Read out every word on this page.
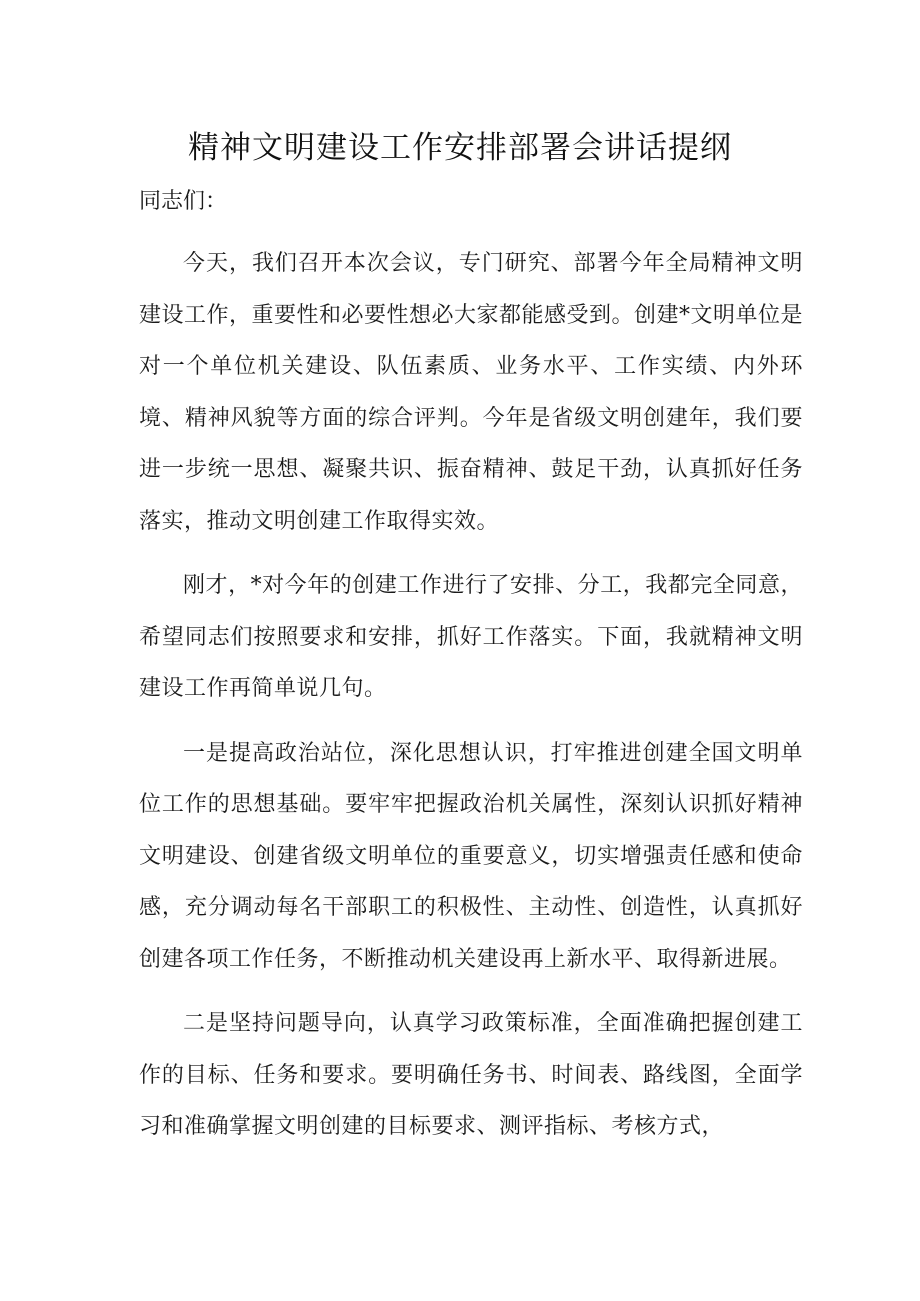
精神文明建设工作安排部署会讲话提纲

同志们：

今天，我们召开本次会议，专门研究、部署今年全局精神文明建设工作，重要性和必要性想必大家都能感受到。创建*文明单位是对一个单位机关建设、队伍素质、业务水平、工作实绩、内外环境、精神风貌等方面的综合评判。今年是省级文明创建年，我们要进一步统一思想、凝聚共识、振奋精神、鼓足干劲，认真抓好任务落实，推动文明创建工作取得实效。

刚才，*对今年的创建工作进行了安排、分工，我都完全同意，希望同志们按照要求和安排，抓好工作落实。下面，我就精神文明建设工作再简单说几句。

一是提高政治站位，深化思想认识，打牢推进创建全国文明单位工作的思想基础。要牢牢把握政治机关属性，深刻认识抓好精神文明建设、创建省级文明单位的重要意义，切实增强责任感和使命感，充分调动每名干部职工的积极性、主动性、创造性，认真抓好创建各项工作任务，不断推动机关建设再上新水平、取得新进展。

二是坚持问题导向，认真学习政策标准，全面准确把握创建工作的目标、任务和要求。要明确任务书、时间表、路线图，全面学习和准确掌握文明创建的目标要求、测评指标、考核方式，
